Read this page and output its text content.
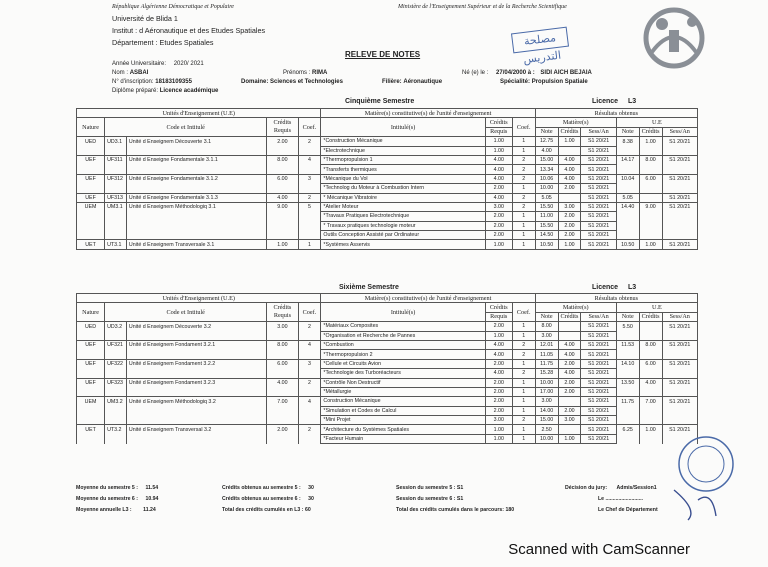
République Algérienne Démocratique et Populaire	Ministère de l'Enseignement Supérieur et de la Recherche Scientifique
Université de Blida 1
Institut : d Aéronautique et des Etudes Spatiales
Département : Etudes Spatiales
RELEVE DE NOTES
مصلحة التدريس
Année Universitaire: 2020/ 2021
Nom : ASBAI	Prénoms : RIMA	Né (e) le : 27/04/2000 à : SIDI AICH BEJAIA
N° d'inscription: 18183109355	Domaine: Sciences et Technologies	Filière: Aéronautique	Spécialité: Propulsion Spatiale
Diplôme préparé: Licence académique
Cinquième Semestre	Licence L3
Unités d'Enseignement (U.E)					Matière(s) constitutive(s) de l'unité d'enseignement			Résultats obtenus					
Nature	Code et Intitulé		Crédits Requis	Coef.	Intitulé(s)	Crédits	Coef.	Matière(s)			U.E		
						Requis		Note	Crédits	Sess/An	Note	Crédits	Sess/An
UED	UD3.1	Unité d Enseignem Découverte 3.1	2.00	2	*Construction Mécanique	1.00	1	12.75	1.00	S1 20/21	8.38	1.00	S1 20/21
					*Electrotechnique	1.00	1	4.00		S1 20/21			
UEF	UF311	Unité d Enseigne Fondamentale 3.1.1	8.00	4	*Thermopropulsion 1	4.00	2	15.00	4.00	S1 20/21	14.17	8.00	S1 20/21
					*Transferts thermiques	4.00	2	13.34	4.00	S1 20/21			
UEF	UF312	Unité d Enseigne Fondamentale 3.1.2	6.00	3	*Mécanique du Vol	4.00	2	10.06	4.00	S1 20/21	10.04	6.00	S1 20/21
					*Technolog du Moteur à Combustion Intern	2.00	1	10.00	2.00	S1 20/21			
UEF	UF313	Unité d Enseigne Fondamentale 3.1.3	4.00	2	* Mécanique Vibratoire	4.00	2	5.05		S1 20/21	5.05		S1 20/21
UEM	UM3.1	Unité d Enseignem Méthodologiq 3.1	9.00	5	*Atelier Moteur	3.00	2	15.50	3.00	S1 20/21	14.40	9.00	S1 20/21
					*Travaux Pratiques Electrotechnique	2.00	1	11.00	2.00	S1 20/21			
					* Travaux pratiques technologie moteur	2.00	1	15.50	2.00	S1 20/21			
					Outils Conception Assisté par Ordinateur	2.00	1	14.50	2.00	S1 20/21			
UET	UT3.1	Unité d Enseignem Transversale 3.1	1.00	1	*Systèmes Asservis	1.00	1	10.50	1.00	S1 20/21	10.50	1.00	S1 20/21
Sixième Semestre	Licence L3
Unités d'Enseignement (U.E)					Matière(s) constitutive(s) de l'unité d'enseignement			Résultats obtenus					
Nature	Code et Intitulé		Crédits Requis	Coef.	Intitulé(s)	Crédits	Coef.	Matière(s)			U.E		
						Requis		Note	Crédits	Sess/An	Note	Crédits	Sess/An
UED	UD3.2	Unité d Enseignem Découverte 3.2	3.00	2	*Matériaux Composites	2.00	1	8.00		S1 20/21	5.50		S1 20/21
					*Organisation et Recherche de Pannes	1.00	1	3.00		S1 20/21			
UEF	UF321	Unité d Enseignem Fondament 3.2.1	8.00	4	*Combustion	4.00	2	12.01	4.00	S1 20/21	11.53	8.00	S1 20/21
					*Thermopropulsion 2	4.00	2	11.05	4.00	S1 20/21			
UEF	UF322	Unité d Enseignem Fondament 3.2.2	6.00	3	*Cellule et Circuits Avion	2.00	1	11.75	2.00	S1 20/21	14.10	6.00	S1 20/21
					*Technologie des Turboréacteurs	4.00	2	15.28	4.00	S1 20/21			
UEF	UF323	Unité d Enseignem Fondament 3.2.3	4.00	2	*Contrôle Non Destructif	2.00	1	10.00	2.00	S1 20/21	13.50	4.00	S1 20/21
					*Métallurgie	2.00	1	17.00	2.00	S1 20/21			
UEM	UM3.2	Unité d Enseignem Méthodologiq 3.2	7.00	4	Construction Mécanique	2.00	1	3.00		S1 20/21	11.75	7.00	S1 20/21
					*Simulation et Codes de Calcul	2.00	1	14.00	2.00	S1 20/21			
					*Mini Projet	3.00	2	15.00	3.00	S1 20/21			
UET	UT3.2	Unité d Enseignem Transversal 3.2	2.00	2	*Architecture du Systèmes Spatiales	1.00	1	2.50		S1 20/21	6.25	1.00	S1 20/21
					*Facteur Humain	1.00	1	10.00	1.00	S1 20/21			
Moyenne du semestre 5 : 11.54
Moyenne du semestre 6 : 10.94
Moyenne annuelle L3 : 11.24
Crédits obtenus au semestre 5 : 30
Crédits obtenus au semestre 6 : 30
Total des crédits cumulés en L3 : 60
Session du semestre 5 : S1
Session du semestre 6 : S1
Total des crédits cumulés dans le parcours: 180
Décision du jury: Admis/Session1
Le ..........................
Le Chef de Département
Scanned with CamScanner
